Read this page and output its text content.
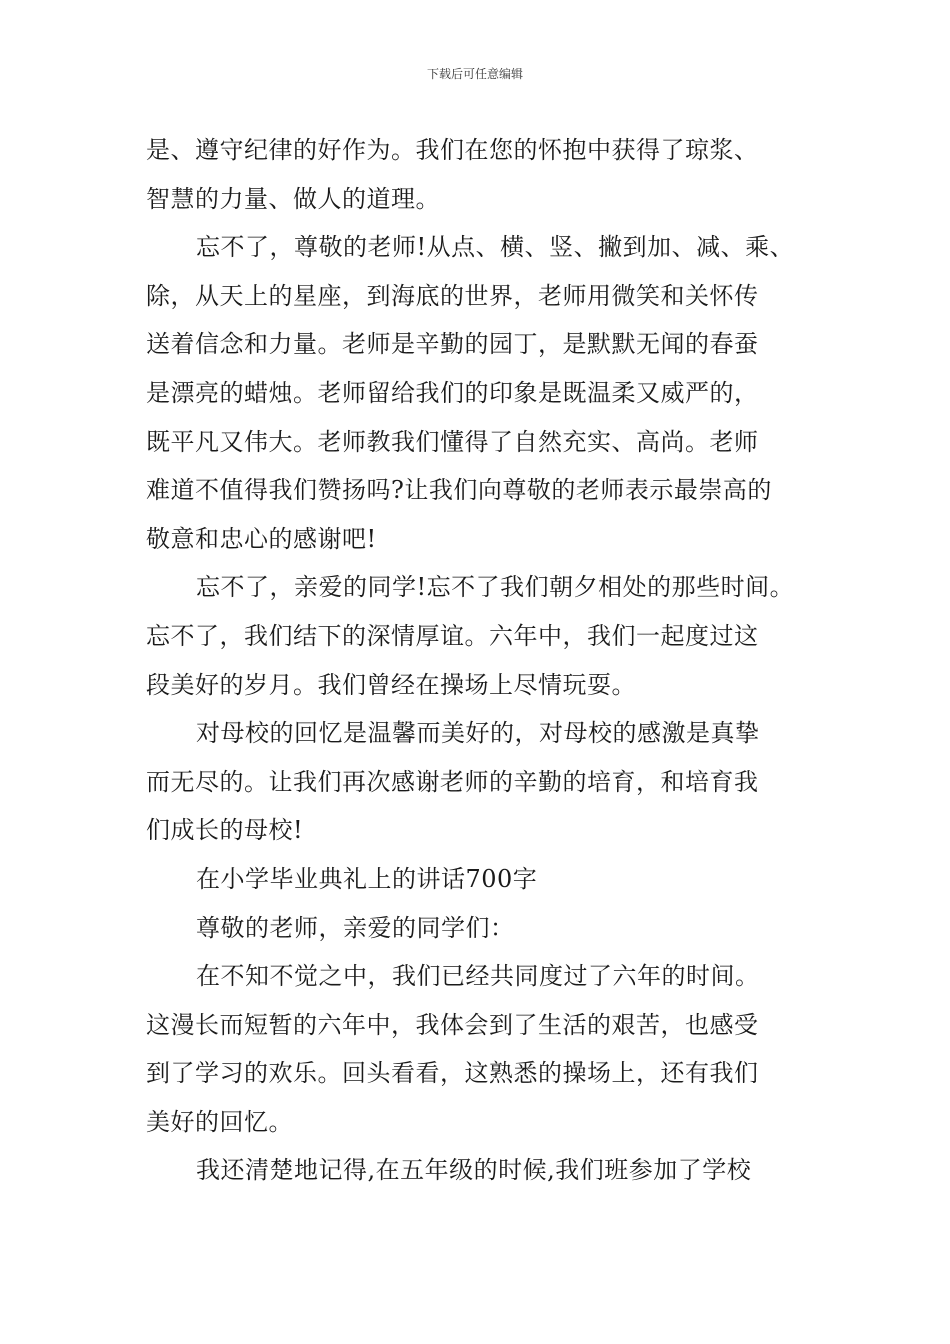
下载后可任意编辑
是、遵守纪律的好作为。我们在您的怀抱中获得了琼浆、
智慧的力量、做人的道理。
忘不了，尊敬的老师!从点、横、竖、撇到加、减、乘、
除，从天上的星座，到海底的世界，老师用微笑和关怀传
送着信念和力量。老师是辛勤的园丁，是默默无闻的春蚕
是漂亮的蜡烛。老师留给我们的印象是既温柔又威严的，
既平凡又伟大。老师教我们懂得了自然充实、高尚。老师
难道不值得我们赞扬吗?让我们向尊敬的老师表示最崇高的
敬意和忠心的感谢吧!
忘不了，亲爱的同学!忘不了我们朝夕相处的那些时间。
忘不了，我们结下的深情厚谊。六年中，我们一起度过这
段美好的岁月。我们曾经在操场上尽情玩耍。
对母校的回忆是温馨而美好的，对母校的感激是真挚
而无尽的。让我们再次感谢老师的辛勤的培育，和培育我
们成长的母校!
在小学毕业典礼上的讲话700字
尊敬的老师，亲爱的同学们：
在不知不觉之中，我们已经共同度过了六年的时间。
这漫长而短暂的六年中，我体会到了生活的艰苦，也感受
到了学习的欢乐。回头看看，这熟悉的操场上，还有我们
美好的回忆。
我还清楚地记得,在五年级的时候,我们班参加了学校
